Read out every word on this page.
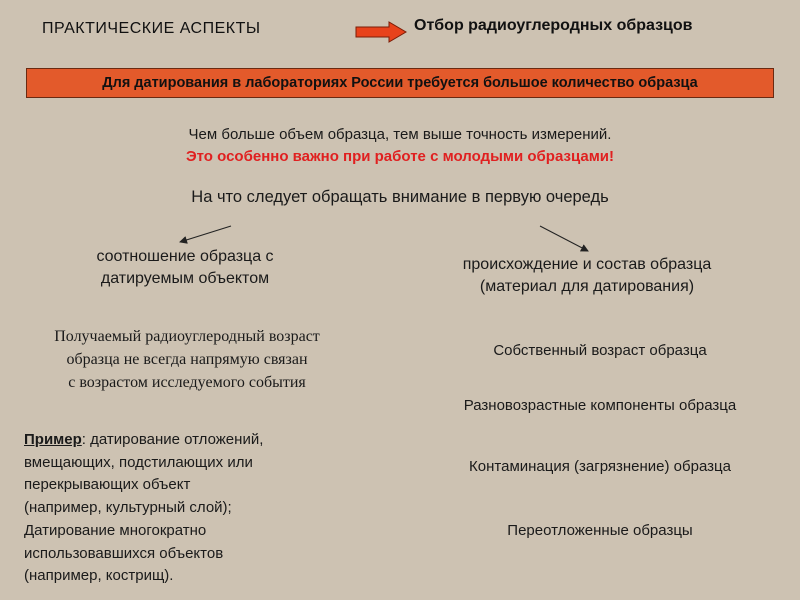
ПРАКТИЧЕСКИЕ АСПЕКТЫ	Отбор радиоуглеродных образцов
Для датирования в лабораториях России требуется большое количество образца
Чем больше объем образца, тем выше точность измерений.
Это особенно важно при работе с молодыми образцами!
На что следует обращать внимание в первую очередь
соотношение образца с
датируемым объектом
происхождение и состав образца
(материал для датирования)
Получаемый радиоуглеродный возраст
образца не всегда напрямую связан
с возрастом исследуемого события
Пример: датирование отложений,
вмещающих, подстилающих или
перекрывающих объект
(например, культурный слой);
Датирование многократно
использовавшихся объектов
(например, кострищ).
Собственный возраст образца
Разновозрастные компоненты образца
Контаминация (загрязнение) образца
Переотложенные образцы
